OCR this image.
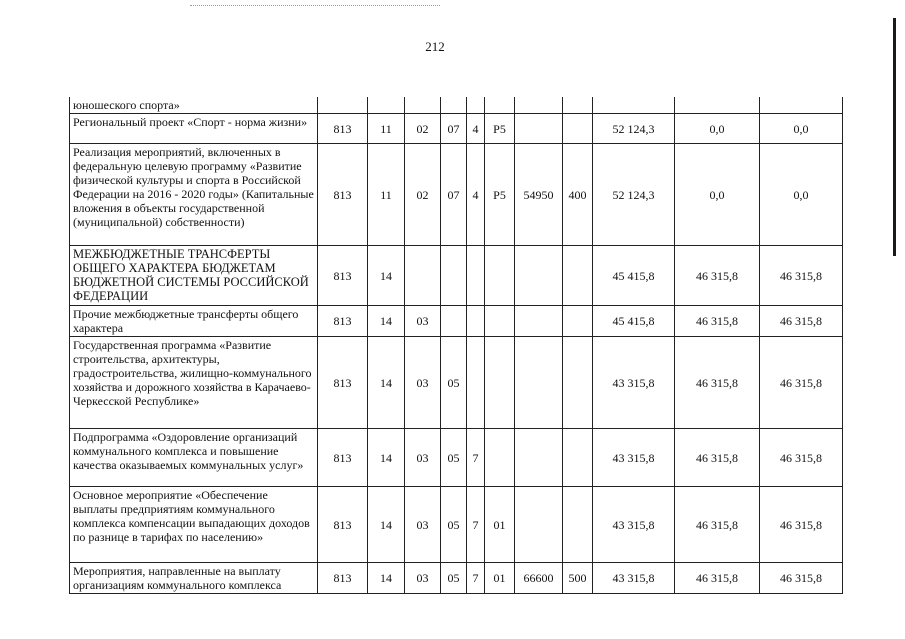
212
юношеского спорта»											
Региональный проект «Спорт - норма жизни»	813	11	02	07	4	P5			52 124,3	0,0	0,0
Реализация мероприятий, включенных в федеральную целевую программу «Развитие физической культуры и спорта в Российской Федерации на 2016 - 2020 годы» (Капитальные вложения в объекты государственной (муниципальной) собственности)	813	11	02	07	4	P5	54950	400	52 124,3	0,0	0,0
МЕЖБЮДЖЕТНЫЕ ТРАНСФЕРТЫ ОБЩЕГО ХАРАКТЕРА БЮДЖЕТАМ БЮДЖЕТНОЙ СИСТЕМЫ РОССИЙСКОЙ ФЕДЕРАЦИИ	813	14							45 415,8	46 315,8	46 315,8
Прочие межбюджетные трансферты общего характера	813	14	03						45 415,8	46 315,8	46 315,8
Государственная программа «Развитие строительства, архитектуры, градостроительства, жилищно-коммунального хозяйства и дорожного хозяйства в Карачаево-Черкесской Республике»	813	14	03	05					43 315,8	46 315,8	46 315,8
Подпрограмма «Оздоровление организаций коммунального комплекса и повышение качества оказываемых коммунальных услуг»	813	14	03	05	7				43 315,8	46 315,8	46 315,8
Основное мероприятие «Обеспечение выплаты предприятиям коммунального комплекса компенсации выпадающих доходов по разнице в тарифах по населению»	813	14	03	05	7	01			43 315,8	46 315,8	46 315,8
Мероприятия, направленные на выплату организациям коммунального комплекса	813	14	03	05	7	01	66600	500	43 315,8	46 315,8	46 315,8
